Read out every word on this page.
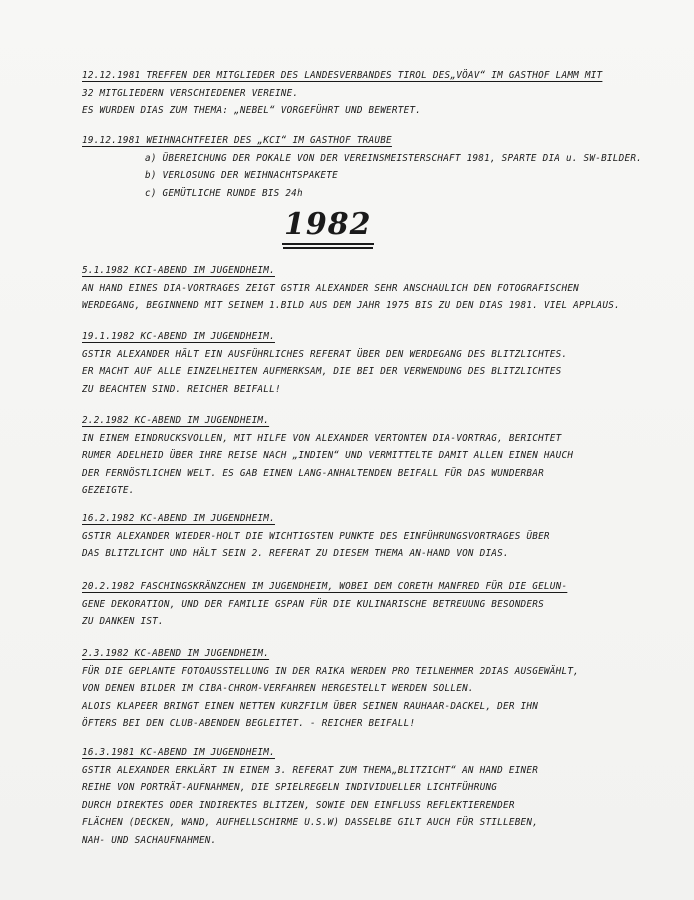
1982
12.12.1981 TREFFEN DER MITGLIEDER DES LANDESVERBANDES TIROL DES„VÖAV“ IM GASTHOF LAMM MIT
32 MITGLIEDERN VERSCHIEDENER VEREINE.
ES WURDEN DIAS ZUM THEMA: „NEBEL“ VORGEFÜHRT UND BEWERTET.
19.12.1981 WEIHNACHTFEIER DES „KCI“ IM GASTHOF TRAUBE
a) ÜBEREICHUNG DER POKALE VON DER VEREINSMEISTERSCHAFT 1981, SPARTE DIA u. SW-BILDER.
b) VERLOSUNG DER WEIHNACHTSPAKETE
c) GEMÜTLICHE RUNDE BIS 24h
5.1.1982 KCI-ABEND IM JUGENDHEIM.
AN HAND EINES DIA-VORTRAGES ZEIGT GSTIR ALEXANDER SEHR ANSCHAULICH DEN FOTOGRAFISCHEN
WERDEGANG, BEGINNEND MIT SEINEM 1.BILD AUS DEM JAHR 1975 BIS ZU DEN DIAS 1981. VIEL APPLAUS.
19.1.1982 KC-ABEND IM JUGENDHEIM.
GSTIR ALEXANDER HÄLT EIN AUSFÜHRLICHES REFERAT ÜBER DEN WERDEGANG DES BLITZLICHTES.
ER MACHT AUF ALLE EINZELHEITEN AUFMERKSAM, DIE BEI DER VERWENDUNG DES BLITZLICHTES
ZU BEACHTEN SIND. REICHER BEIFALL!
2.2.1982 KC-ABEND IM JUGENDHEIM.
IN EINEM EINDRUCKSVOLLEN, MIT HILFE VON ALEXANDER VERTONTEN DIA-VORTRAG, BERICHTET
RUMER ADELHEID ÜBER IHRE REISE NACH „INDIEN“ UND VERMITTELTE DAMIT ALLEN EINEN HAUCH
DER FERNÖSTLICHEN WELT. ES GAB EINEN LANG-ANHALTENDEN BEIFALL FÜR DAS WUNDERBAR
GEZEIGTE.
16.2.1982 KC-ABEND IM JUGENDHEIM.
GSTIR ALEXANDER WIEDER-HOLT DIE WICHTIGSTEN PUNKTE DES EINFÜHRUNGSVORTRAGES ÜBER
DAS BLITZLICHT UND HÄLT SEIN 2. REFERAT ZU DIESEM THEMA AN-HAND VON DIAS.
20.2.1982 FASCHINGSKRÄNZCHEN IM JUGENDHEIM, WOBEI DEM CORETH MANFRED FÜR DIE GELUN-
GENE DEKORATION, UND DER FAMILIE GSPAN FÜR DIE KULINARISCHE BETREUUNG BESONDERS
ZU DANKEN IST.
2.3.1982 KC-ABEND IM JUGENDHEIM.
FÜR DIE GEPLANTE FOTOAUSSTELLUNG IN DER RAIKA WERDEN PRO TEILNEHMER 2DIAS AUSGEWÄHLT,
VON DENEN BILDER IM CIBA-CHROM-VERFAHREN HERGESTELLT WERDEN SOLLEN.
ALOIS KLAPEER BRINGT EINEN NETTEN KURZFILM ÜBER SEINEN RAUHAAR-DACKEL, DER IHN
ÖFTERS BEI DEN CLUB-ABENDEN BEGLEITET. - REICHER BEIFALL!
16.3.1981 KC-ABEND IM JUGENDHEIM.
GSTIR ALEXANDER ERKLÄRT IN EINEM 3. REFERAT ZUM THEMA„BLITZICHT“ AN HAND EINER
REIHE VON PORTRÄT-AUFNAHMEN, DIE SPIELREGELN INDIVIDUELLER LICHTFÜHRUNG
DURCH DIREKTES ODER INDIREKTES BLITZEN, SOWIE DEN EINFLUSS REFLEKTIERENDER
FLÄCHEN (DECKEN, WAND, AUFHELLSCHIRME U.S.W) DASSELBE GILT AUCH FÜR STILLEBEN,
NAH- UND SACHAUFNAHMEN.
